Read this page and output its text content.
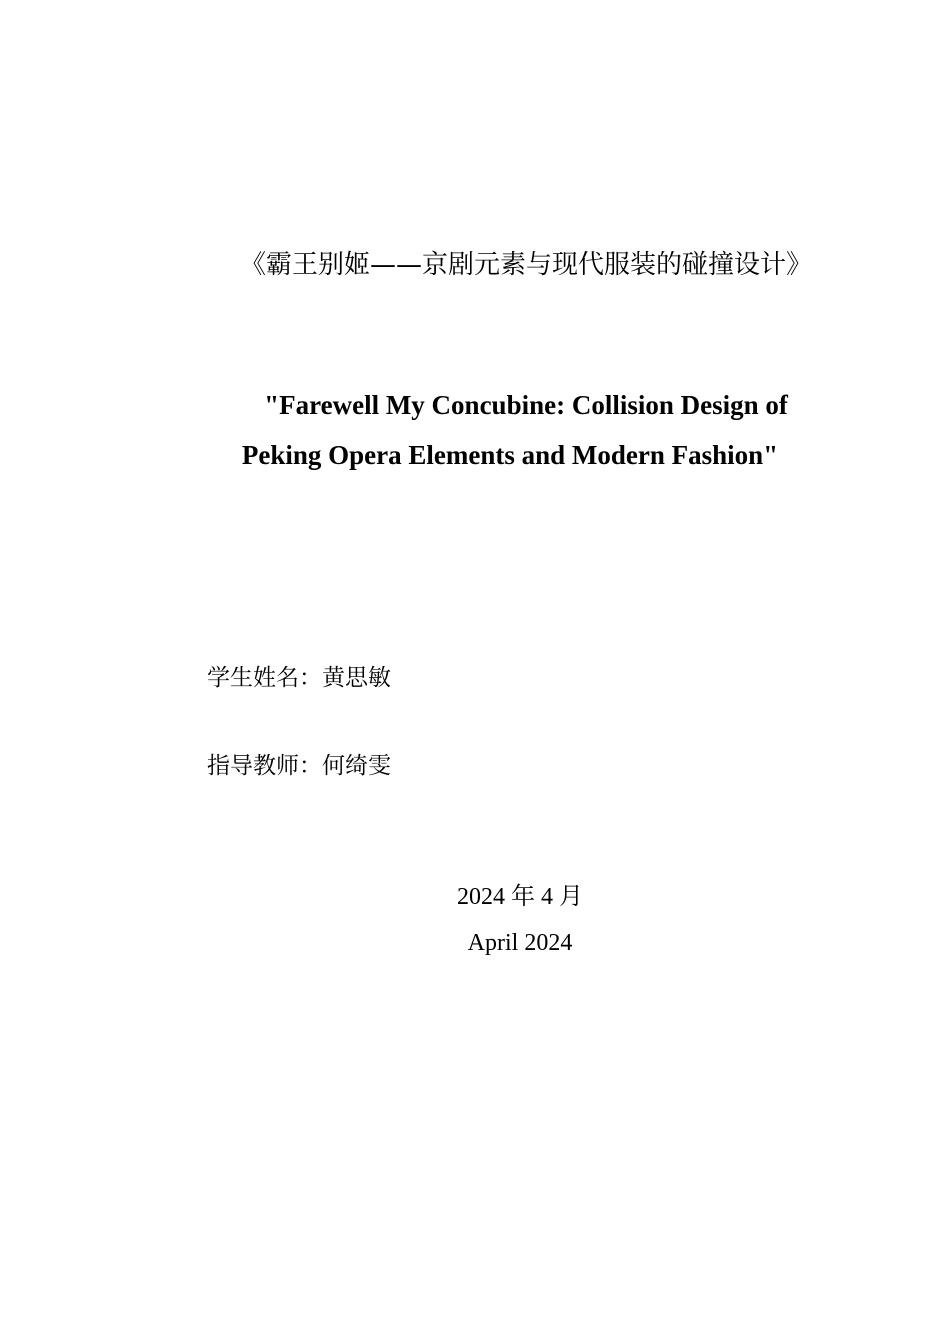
《霸王别姬——京剧元素与现代服装的碰撞设计》
"Farewell My Concubine: Collision Design of Peking Opera Elements and Modern Fashion"
学生姓名：黄思敏
指导教师：何绮雯
2024 年 4 月
April 2024
